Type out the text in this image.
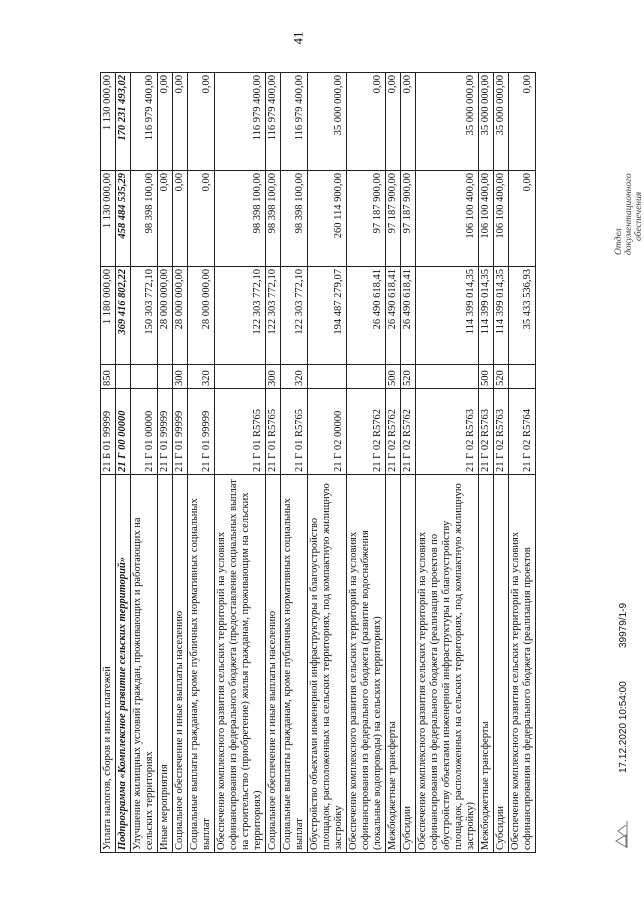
41
Уплата налогов, сборов и иных платежей	21 Б 01 99999	850	1 180 000,00	1 130 000,00	1 130 000,00
Подпрограмма «Комплексное развитие сельских территорий»	21 Г 00 00000		369 416 802,22	458 484 535,29	170 231 493,02
Улучшение жилищных условий граждан, проживающих и работающих на сельских территориях	21 Г 01 00000		150 303 772,10	98 398 100,00	116 979 400,00
Иные мероприятия	21 Г 01 99999		28 000 000,00	0,00	0,00
Социальное обеспечение и иные выплаты населению	21 Г 01 99999	300	28 000 000,00	0,00	0,00
Социальные выплаты гражданам, кроме публичных нормативных социальных выплат	21 Г 01 99999	320	28 000 000,00	0,00	0,00
Обеспечение комплексного развития сельских территорий на условиях софинансирования из федерального бюджета (предоставление социальных выплат на строительство (приобретение) жилья гражданам, проживающим на сельских территориях)	21 Г 01 R5765		122 303 772,10	98 398 100,00	116 979 400,00
Социальное обеспечение и иные выплаты населению	21 Г 01 R5765	300	122 303 772,10	98 398 100,00	116 979 400,00
Социальные выплаты гражданам, кроме публичных нормативных социальных выплат	21 Г 01 R5765	320	122 303 772,10	98 398 100,00	116 979 400,00
Обустройство объектами инженерной инфраструктуры и благоустройство площадок, расположенных на сельских территориях, под компактную жилищную застройку	21 Г 02 00000		194 487 279,07	260 114 900,00	35 000 000,00
Обеспечение комплексного развития сельских территорий на условиях софинансирования из федерального бюджета (развитие водоснабжения (локальные водопроводы) на сельских территориях)	21 Г 02 R5762		26 490 618,41	97 187 900,00	0,00
Межбюджетные трансферты	21 Г 02 R5762	500	26 490 618,41	97 187 900,00	0,00
Субсидии	21 Г 02 R5762	520	26 490 618,41	97 187 900,00	0,00
Обеспечение комплексного развития сельских территорий на условиях софинансирования из федерального бюджета (реализация проектов по обустройству объектами инженерной инфраструктуры и благоустройству площадок, расположенных на сельских территориях, под компактную жилищную застройку)	21 Г 02 R5763		114 399 014,35	106 100 400,00	35 000 000,00
Межбюджетные трансферты	21 Г 02 R5763	500	114 399 014,35	106 100 400,00	35 000 000,00
Субсидии	21 Г 02 R5763	520	114 399 014,35	106 100 400,00	35 000 000,00
Обеспечение комплексного развития сельских территорий на условиях софинансирования из федерального бюджета (реализация проектов	21 Г 02 R5764		35 433 536,93	0,00	0,00
17.12.2020 10:54:00
39979/1-9
Отдел документационного обеспечения
